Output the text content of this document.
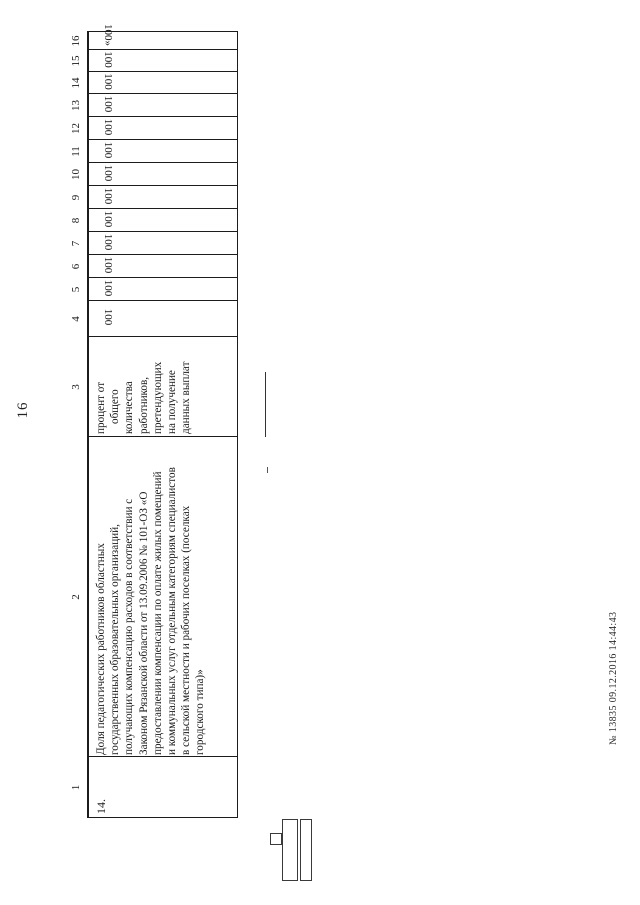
16
1
2
3
4
5
6
7
8
9
10
11
12
13
14
15
16
14.
Доля педагогических работников областных государственных образовательных организаций, получающих компенсацию расходов в соответствии с Законом Рязанской области от 13.09.2006 № 101-ОЗ «О предоставлении компенсации по оплате жилых помещений и коммунальных услуг отдельным категориям специалистов в сельской местности и рабочих поселках (поселках городского типа)»
процент от общего количества работников, претендующих на получение данных выплат
100
100
100
100
100
100
100
100
100
100
100
100
100»
№ 13835 09.12.2016 14:44:43
